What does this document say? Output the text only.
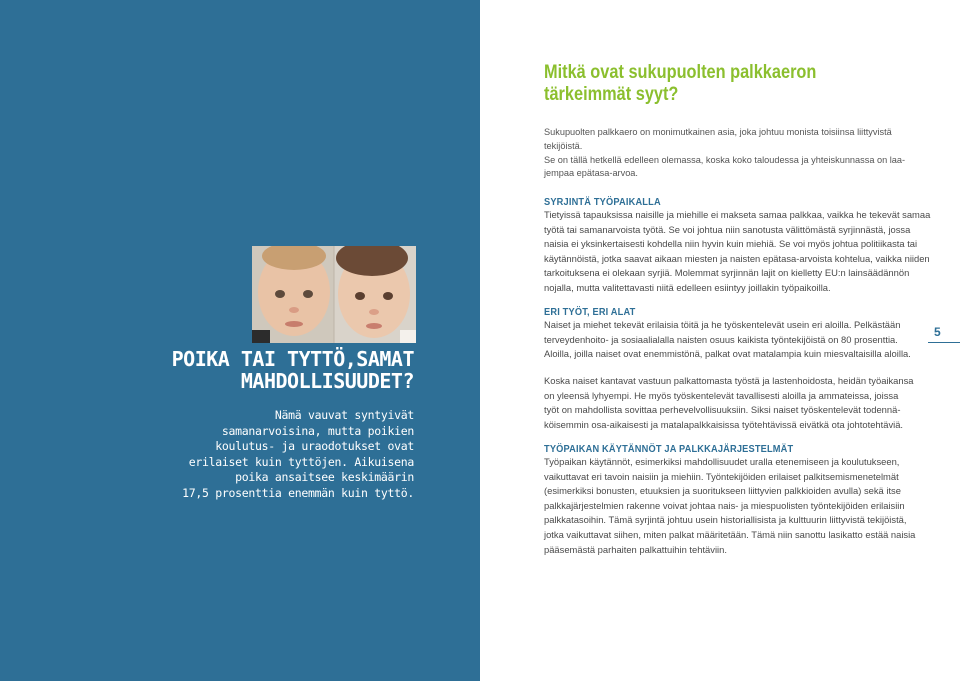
POIKA TAI TYTTÖ,SAMAT
MAHDOLLISUUDET?
Nämä vauvat syntyivät
samanarvoisina, mutta poikien
koulutus- ja uraodotukset ovat
erilaiset kuin tyttöjen. Aikuisena
poika ansaitsee keskimäärin
17,5 prosenttia enemmän kuin tyttö.
Mitkä ovat sukupuolten palkkaeron
tärkeimmät syyt?
Sukupuolten palkkaero on monimutkainen asia, joka johtuu monista toisiinsa liittyvistä
tekijöistä.
Se on tällä hetkellä edelleen olemassa, koska koko taloudessa ja yhteiskunnassa on laa-
jempaa epätasa-arvoa.
SYRJINTÄ TYÖPAIKALLA
Tietyissä tapauksissa naisille ja miehille ei makseta samaa palkkaa, vaikka he tekevät samaa
työtä tai samanarvoista työtä. Se voi johtua niin sanotusta välittömästä syrjinnästä, jossa
naisia ei yksinkertaisesti kohdella niin hyvin kuin miehiä. Se voi myös johtua politiikasta tai
käytännöistä, jotka saavat aikaan miesten ja naisten epätasa-arvoista kohtelua, vaikka niiden
tarkoituksena ei olekaan syrjiä. Molemmat syrjinnän lajit on kielletty EU:n lainsäädännön
nojalla, mutta valitettavasti niitä edelleen esiintyy joillakin työpaikoilla.
ERI TYÖT, ERI ALAT
Naiset ja miehet tekevät erilaisia töitä ja he työskentelevät usein eri aloilla. Pelkästään
terveydenhoito- ja sosiaalialalla naisten osuus kaikista työntekijöistä on 80 prosenttia.
Aloilla, joilla naiset ovat enemmistönä, palkat ovat matalampia kuin miesvaltaisilla aloilla.
Koska naiset kantavat vastuun palkattomasta työstä ja lastenhoidosta, heidän työaikansa
on yleensä lyhyempi. He myös työskentelevät tavallisesti aloilla ja ammateissa, joissa
työt on mahdollista sovittaa perhevelvollisuuksiin. Siksi naiset työskentelevät todennä-
köisemmin osa-aikaisesti ja matalapalkkaisissa työtehtävissä eivätkä ota johtotehtäviä.
TYÖPAIKAN KÄYTÄNNÖT JA PALKKAJÄRJESTELMÄT
Työpaikan käytännöt, esimerkiksi mahdollisuudet uralla etenemiseen ja koulutukseen,
vaikuttavat eri tavoin naisiin ja miehiin. Työntekijöiden erilaiset palkitsemismenetelmät
(esimerkiksi bonusten, etuuksien ja suoritukseen liittyvien palkkioiden avulla) sekä itse
palkkajärjestelmien rakenne voivat johtaa nais- ja miespuolisten työntekijöiden erilaisiin
palkkatasoihin. Tämä syrjintä johtuu usein historiallisista ja kulttuurin liittyvistä tekijöistä,
jotka vaikuttavat siihen, miten palkat määritetään. Tämä niin sanottu lasikatto estää naisia
pääsemästä parhaiten palkattuihin tehtäviin.
5
